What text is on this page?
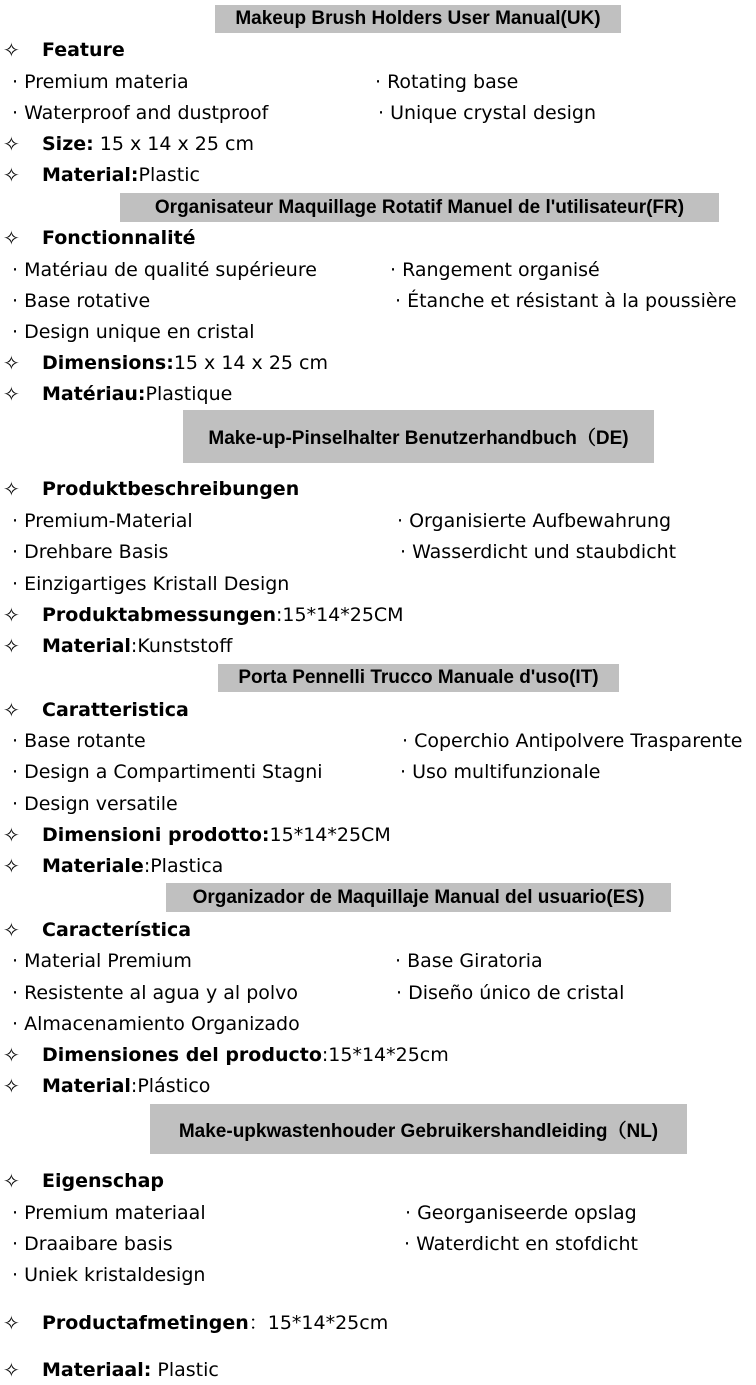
Makeup Brush Holders User Manual(UK)
✧ Feature
· Premium materia	· Rotating base
· Waterproof and dustproof	· Unique crystal design
✧ Size: 15 x 14 x 25 cm
✧ Material:Plastic
Organisateur Maquillage Rotatif Manuel de l'utilisateur(FR)
✧ Fonctionnalité
· Matériau de qualité supérieure	· Rangement organisé
· Base rotative	· Étanche et résistant à la poussière
· Design unique en cristal
✧ Dimensions:15 x 14 x 25 cm
✧ Matériau:Plastique
Make-up-Pinselhalter Benutzerhandbuch（DE)
✧ Produktbeschreibungen
· Premium-Material	· Organisierte Aufbewahrung
· Drehbare Basis	· Wasserdicht und staubdicht
· Einzigartiges Kristall Design
✧ Produktabmessungen:15*14*25CM
✧ Material:Kunststoff
Porta Pennelli Trucco Manuale d'uso(IT)
✧ Caratteristica
· Base rotante	· Coperchio Antipolvere Trasparente
· Design a Compartimenti Stagni	· Uso multifunzionale
· Design versatile
✧ Dimensioni prodotto:15*14*25CM
✧ Materiale:Plastica
Organizador de Maquillaje Manual del usuario(ES)
✧ Característica
· Material Premium	· Base Giratoria
· Resistente al agua y al polvo	· Diseño único de cristal
· Almacenamiento Organizado
✧ Dimensiones del producto:15*14*25cm
✧ Material:Plástico
Make-upkwastenhouder Gebruikershandleiding（NL)
✧ Eigenschap
· Premium materiaal	· Georganiseerde opslag
· Draaibare basis	· Waterdicht en stofdicht
· Uniek kristaldesign
✧ Productafmetingen：15*14*25cm
✧ Materiaal: Plastic
